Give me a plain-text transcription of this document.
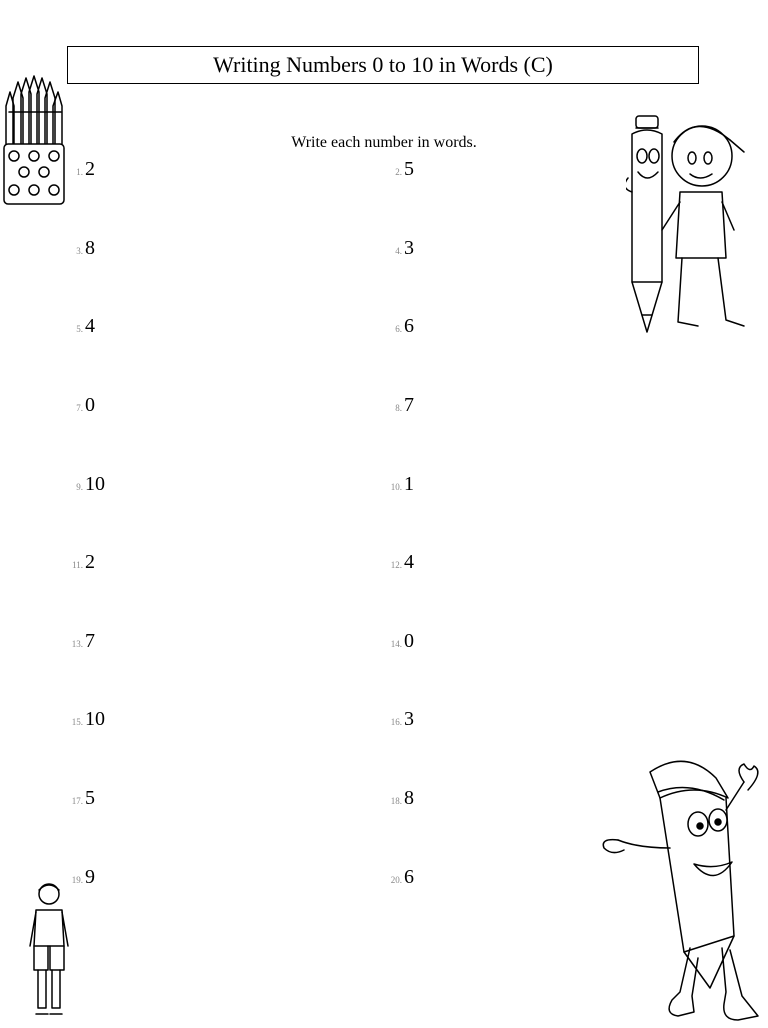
Writing Numbers 0 to 10 in Words (C)
Write each number in words.
1. 2	2. 5
3. 8	4. 3
5. 4	6. 6
7. 0	8. 7
9. 10	10. 1
11. 2	12. 4
13. 7	14. 0
15. 10	16. 3
17. 5	18. 8
19. 9	20. 6
